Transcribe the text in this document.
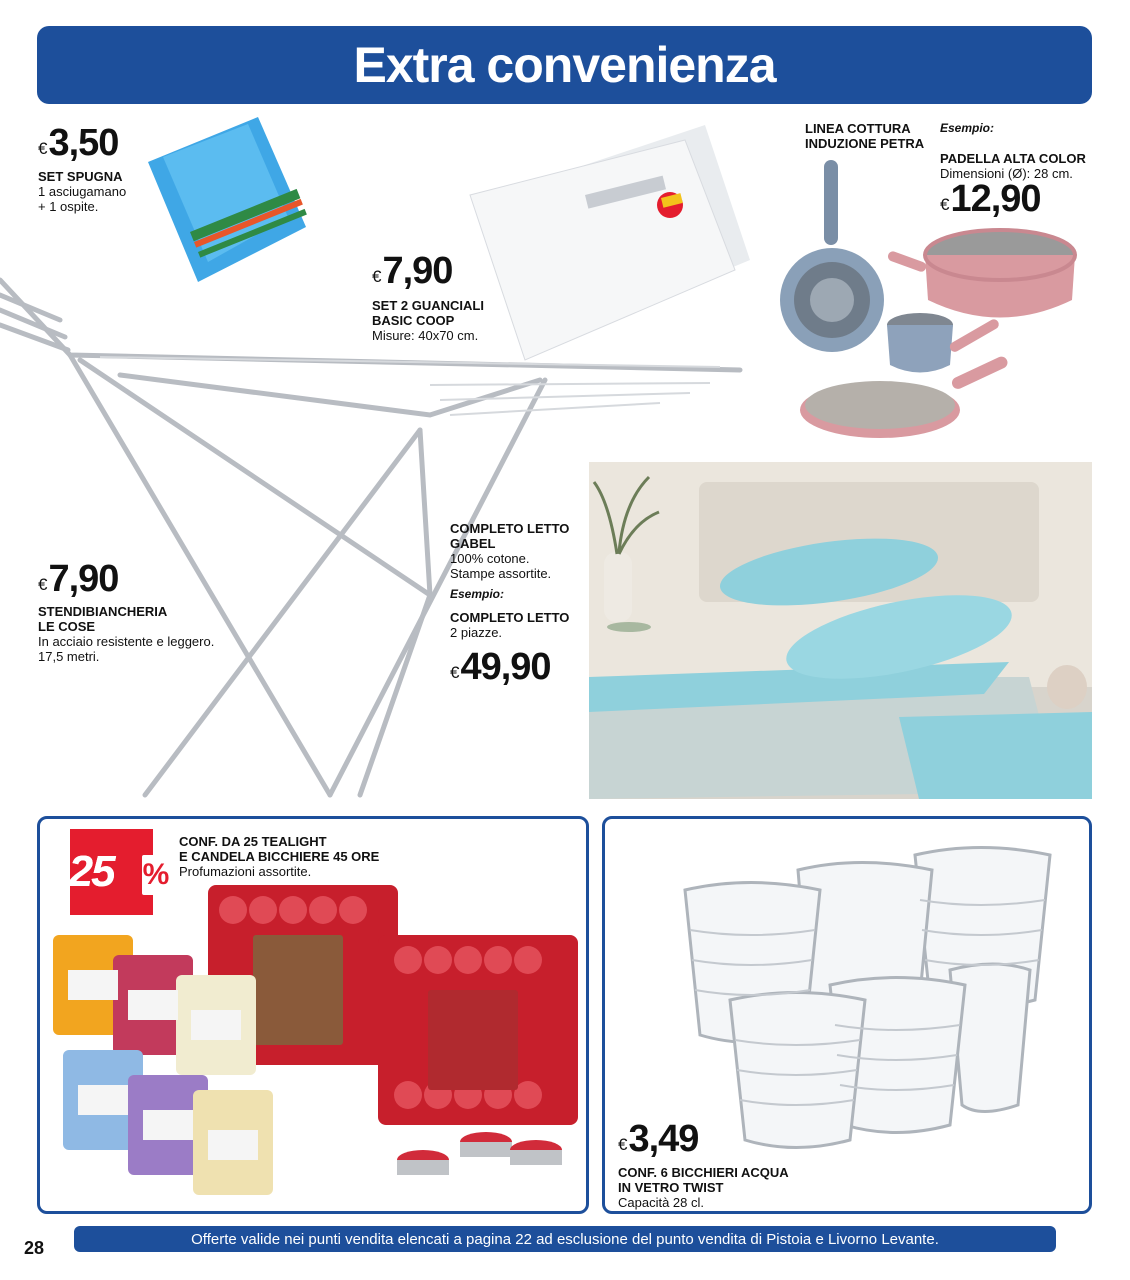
Extra convenienza
€ 3,50
SET SPUGNA
1 asciugamano
+ 1 ospite.
€ 7,90
SET 2 GUANCIALI
BASIC COOP
Misure: 40x70 cm.
LINEA COTTURA
INDUZIONE PETRA
Esempio:
PADELLA ALTA COLOR
Dimensioni (Ø): 28 cm.
€ 12,90
€ 7,90
STENDIBIANCHERIA
LE COSE
In acciaio resistente e leggero.
17,5 metri.
COMPLETO LETTO
GABEL
100% cotone.
Stampe assortite.
Esempio:
COMPLETO LETTO
2 piazze.
€ 49,90
-25 %
CONF. DA 25 TEALIGHT
E CANDELA BICCHIERE 45 ORE
Profumazioni assortite.
€ 3,49
CONF. 6 BICCHIERI ACQUA
IN VETRO TWIST
Capacità 28 cl.
28	Offerte valide nei punti vendita elencati a pagina 22 ad esclusione del punto vendita di Pistoia e Livorno Levante.
